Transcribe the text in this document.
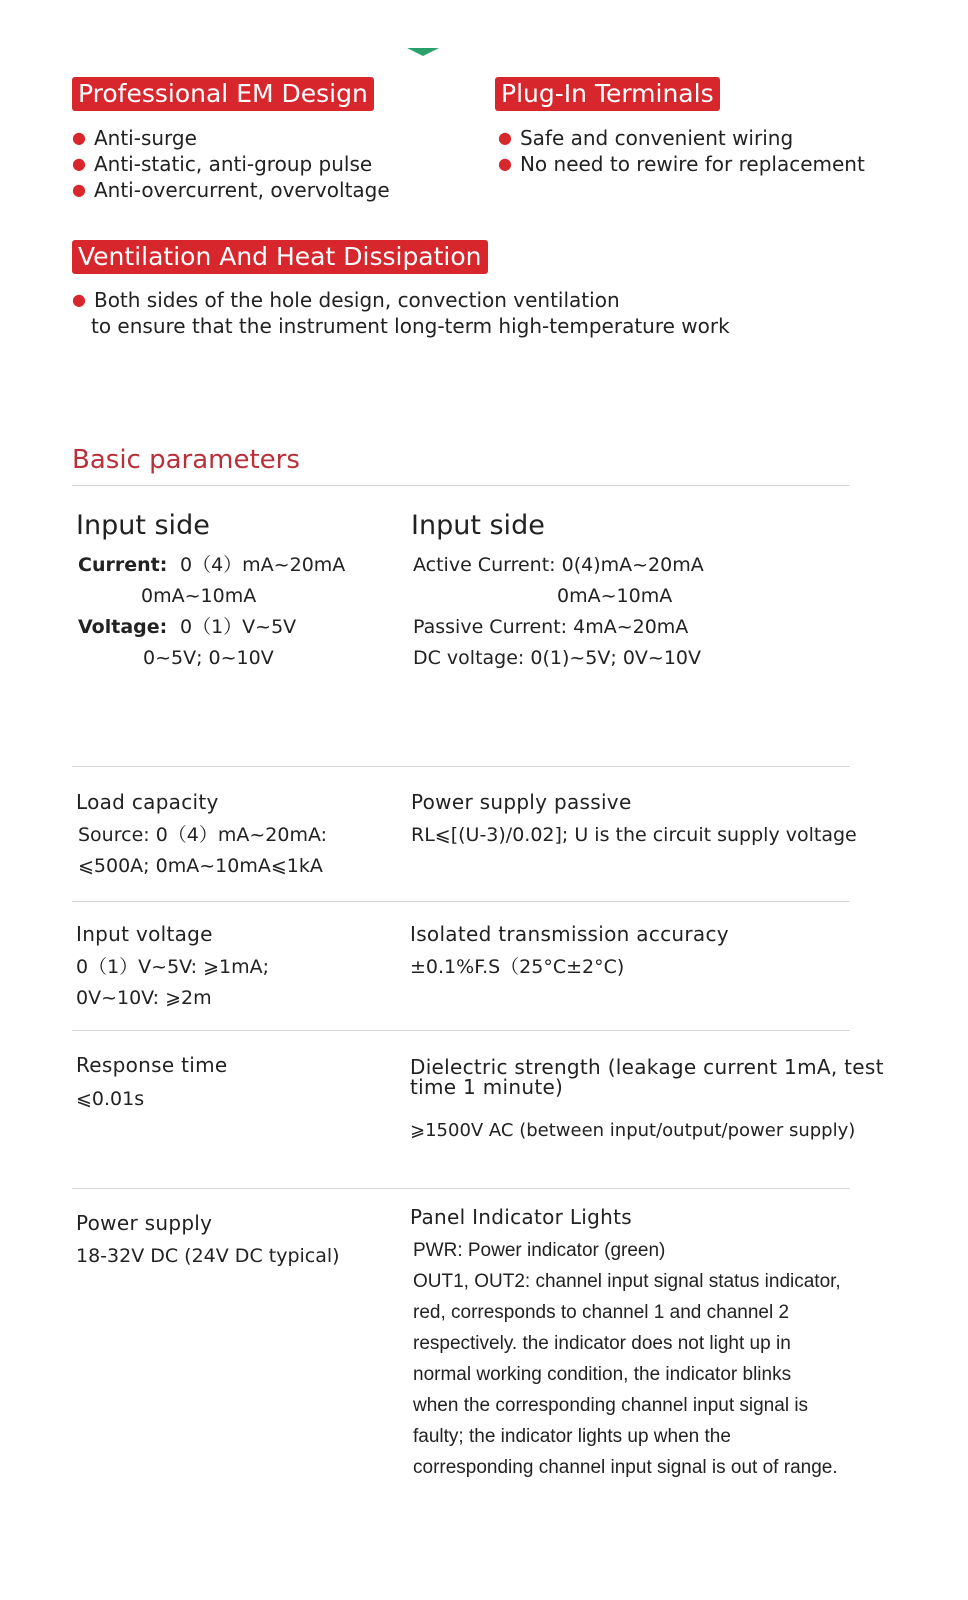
Professional EM Design
● Anti-surge
● Anti-static, anti-group pulse
● Anti-overcurrent, overvoltage
Plug-In Terminals
● Safe and convenient wiring
● No need to rewire for replacement
Ventilation And Heat Dissipation
● Both sides of the hole design, convection ventilation
to ensure that the instrument long-term high-temperature work
Basic parameters
Input side
Current: 0（4）mA~20mA
0mA~10mA
Voltage: 0（1）V~5V
0~5V; 0~10V
Input side
Active Current: 0(4)mA~20mA
0mA~10mA
Passive Current: 4mA~20mA
DC voltage: 0(1)~5V; 0V~10V
Load capacity
Source: 0（4）mA~20mA:
⩽500A; 0mA~10mA⩽1kA
Power supply passive
RL⩽[(U-3)/0.02]; U is the circuit supply voltage
Input voltage
0（1）V~5V: ⩾1mA;
0V~10V: ⩾2m
Isolated transmission accuracy
±0.1%F.S（25°C±2°C)
Response time
⩽0.01s
Dielectric strength (leakage current 1mA, test
time 1 minute)
⩾1500V AC (between input/output/power supply)
Power supply
18-32V DC (24V DC typical)
Panel Indicator Lights
PWR: Power indicator (green)
OUT1, OUT2: channel input signal status indicator,
red, corresponds to channel 1 and channel 2
respectively. the indicator does not light up in
normal working condition, the indicator blinks
when the corresponding channel input signal is
faulty; the indicator lights up when the
corresponding channel input signal is out of range.
